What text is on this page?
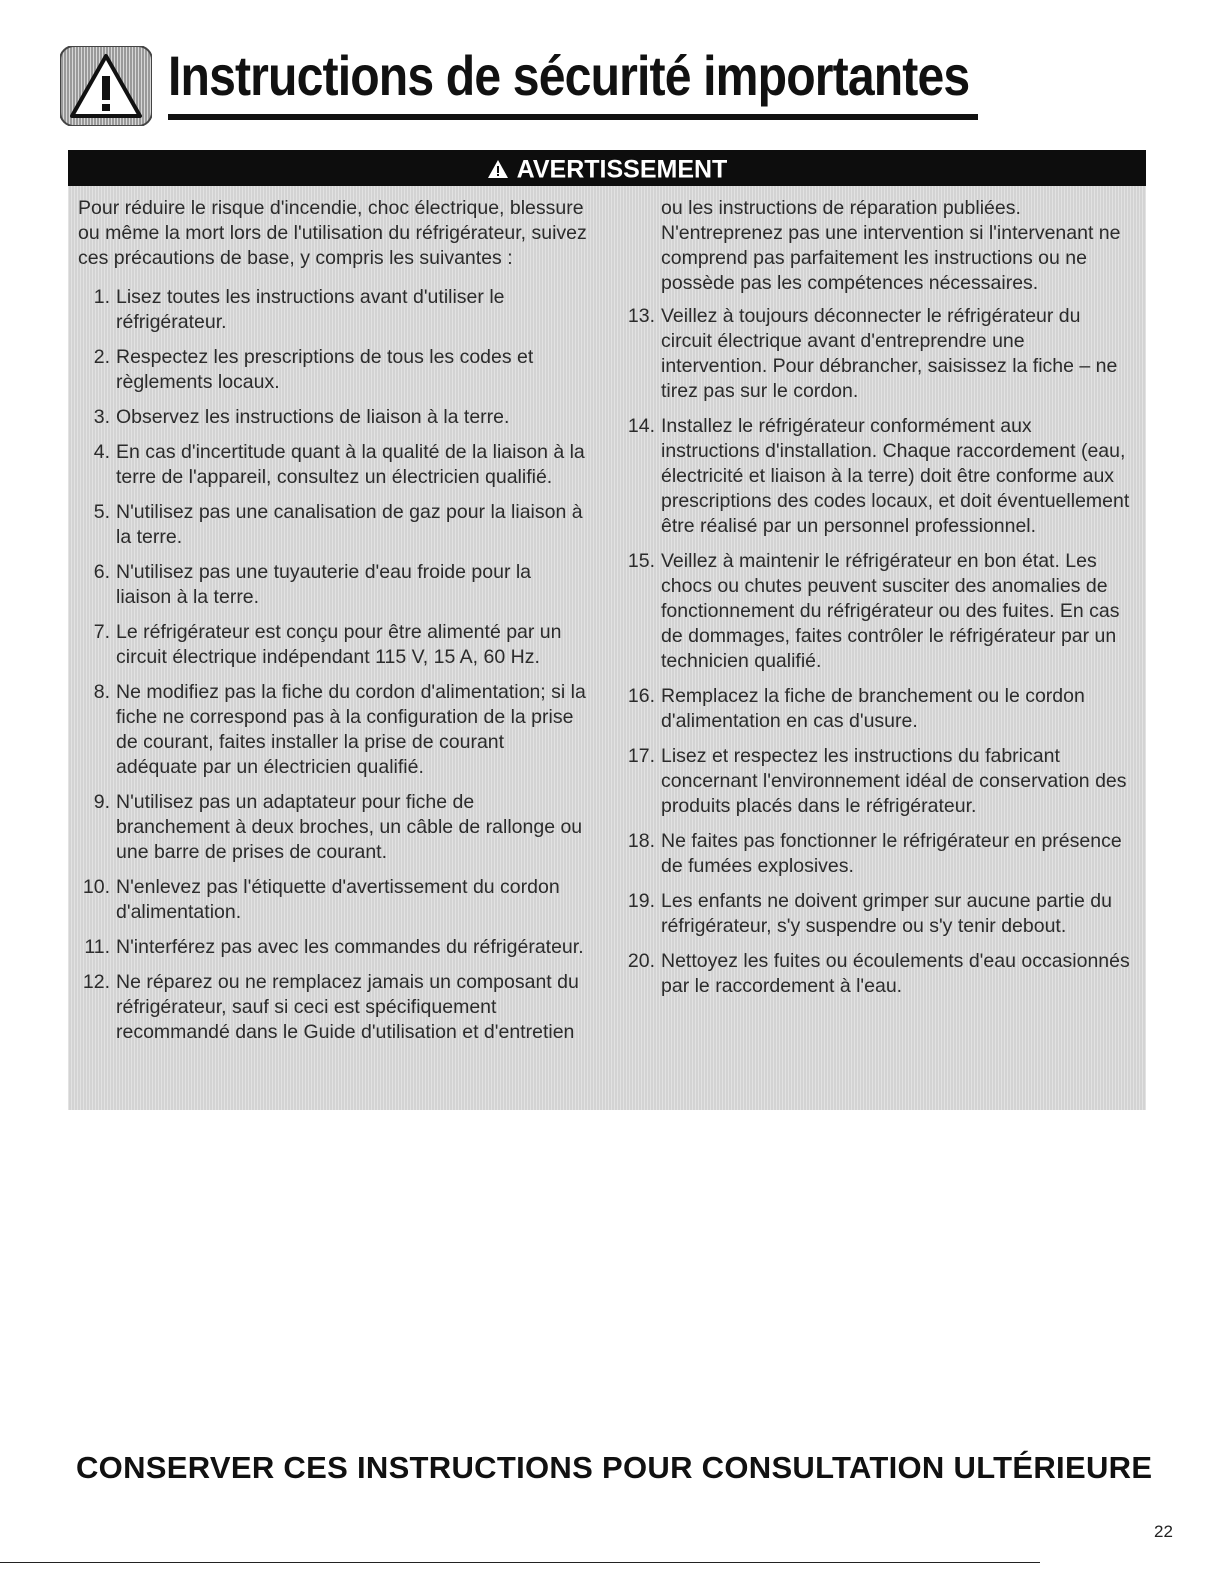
Instructions de sécurité importantes
AVERTISSEMENT

Pour réduire le risque d'incendie, choc électrique, blessure ou même la mort lors de l'utilisation du réfrigérateur, suivez ces précautions de base, y compris les suivantes :

1. Lisez toutes les instructions avant d'utiliser le réfrigérateur.
2. Respectez les prescriptions de tous les codes et règlements locaux.
3. Observez les instructions de liaison à la terre.
4. En cas d'incertitude quant à la qualité de la liaison à la terre de l'appareil, consultez un électricien qualifié.
5. N'utilisez pas une canalisation de gaz pour la liaison à la terre.
6. N'utilisez pas une tuyauterie d'eau froide pour la liaison à la terre.
7. Le réfrigérateur est conçu pour être alimenté par un circuit électrique indépendant 115 V, 15 A, 60 Hz.
8. Ne modifiez pas la fiche du cordon d'alimentation; si la fiche ne correspond pas à la configuration de la prise de courant, faites installer la prise de courant adéquate par un électricien qualifié.
9. N'utilisez pas un adaptateur pour fiche de branchement à deux broches, un câble de rallonge ou une barre de prises de courant.
10. N'enlevez pas l'étiquette d'avertissement du cordon d'alimentation.
11. N'interférez pas avec les commandes du réfrigérateur.
12. Ne réparez ou ne remplacez jamais un composant du réfrigérateur, sauf si ceci est spécifiquement recommandé dans le Guide d'utilisation et d'entretien

ou les instructions de réparation publiées. N'entreprenez pas une intervention si l'intervenant ne comprend pas parfaitement les instructions ou ne possède pas les compétences nécessaires.

13. Veillez à toujours déconnecter le réfrigérateur du circuit électrique avant d'entreprendre une intervention. Pour débrancher, saisissez la fiche – ne tirez pas sur le cordon.
14. Installez le réfrigérateur conformément aux instructions d'installation. Chaque raccordement (eau, électricité et liaison à la terre) doit être conforme aux prescriptions des codes locaux, et doit éventuellement être réalisé par un personnel professionnel.
15. Veillez à maintenir le réfrigérateur en bon état. Les chocs ou chutes peuvent susciter des anomalies de fonctionnement du réfrigérateur ou des fuites. En cas de dommages, faites contrôler le réfrigérateur par un technicien qualifié.
16. Remplacez la fiche de branchement ou le cordon d'alimentation en cas d'usure.
17. Lisez et respectez les instructions du fabricant concernant l'environnement idéal de conservation des produits placés dans le réfrigérateur.
18. Ne faites pas fonctionner le réfrigérateur en présence de fumées explosives.
19. Les enfants ne doivent grimper sur aucune partie du réfrigérateur, s'y suspendre ou s'y tenir debout.
20. Nettoyez les fuites ou écoulements d'eau occasionnés par le raccordement à l'eau.

CONSERVER CES INSTRUCTIONS POUR CONSULTATION ULTÉRIEURE

22
